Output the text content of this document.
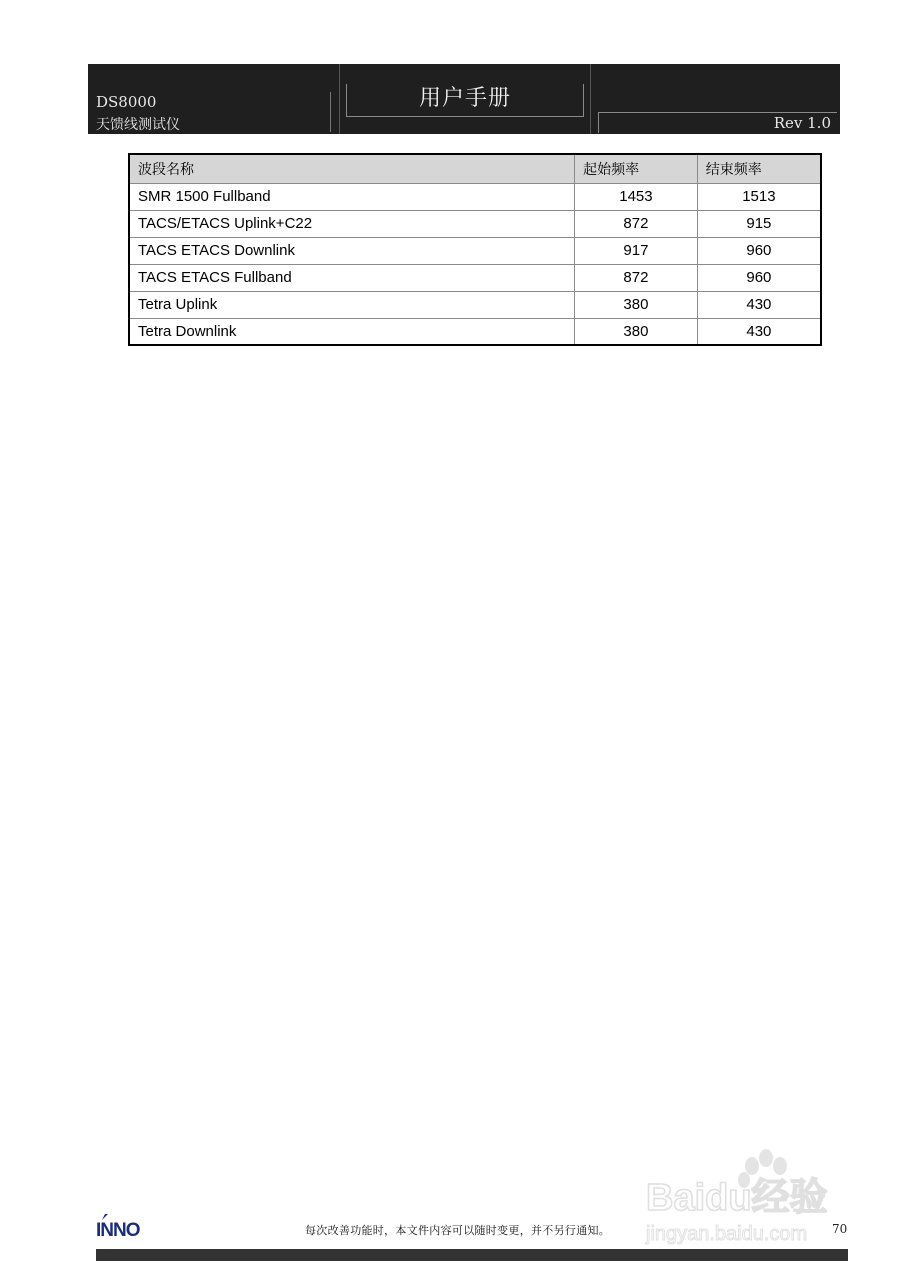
DS8000
天馈线测试仪
用户手册
Rev 1.0
波段名称	起始频率	结束频率
SMR 1500 Fullband	1453	1513
TACS/ETACS Uplink+C22	872	915
TACS ETACS Downlink	917	960
TACS ETACS Fullband	872	960
Tetra Uplink	380	430
Tetra Downlink	380	430
Baidu经验
jingyan.baidu.com
INNO	每次改善功能时，本文件内容可以随时变更，并不另行通知。	70
